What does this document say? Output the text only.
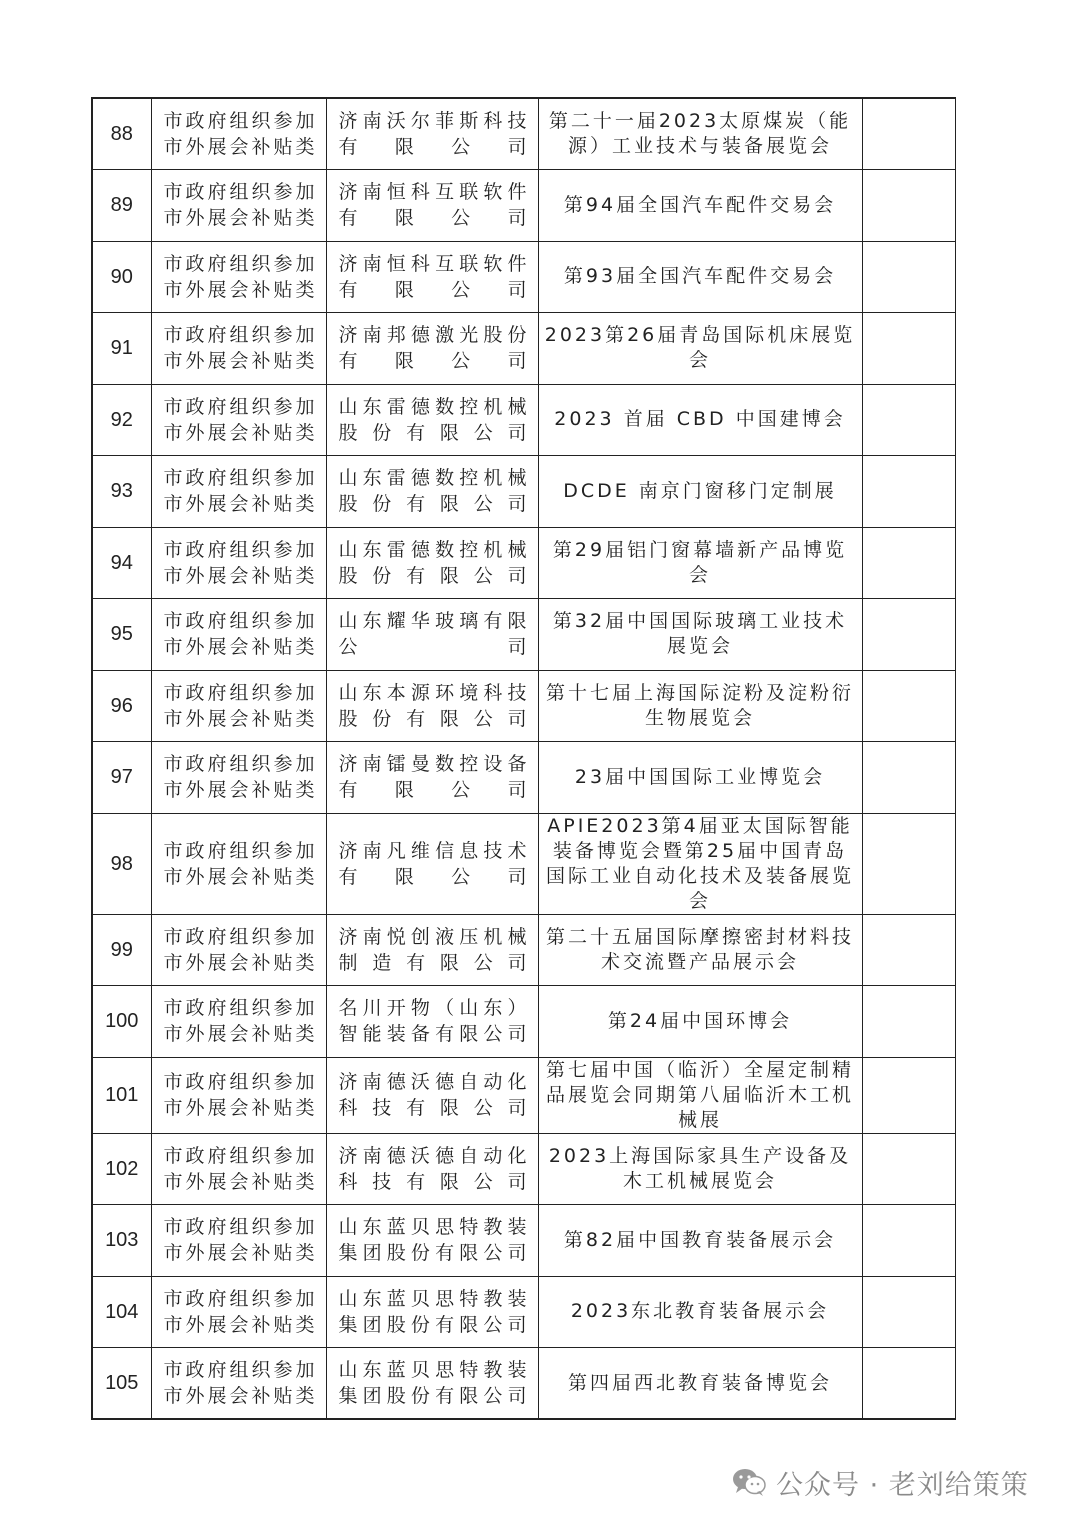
88	市政府组织参加市外展会补贴类	济南沃尔菲斯科技有限公司	第二十一届2023太原煤炭（能源）工业技术与装备展览会	
89	市政府组织参加市外展会补贴类	济南恒科互联软件有限公司	第94届全国汽车配件交易会	
90	市政府组织参加市外展会补贴类	济南恒科互联软件有限公司	第93届全国汽车配件交易会	
91	市政府组织参加市外展会补贴类	济南邦德激光股份有限公司	2023第26届青岛国际机床展览会	
92	市政府组织参加市外展会补贴类	山东雷德数控机械股份有限公司	2023 首届 CBD 中国建博会	
93	市政府组织参加市外展会补贴类	山东雷德数控机械股份有限公司	DCDE 南京门窗移门定制展	
94	市政府组织参加市外展会补贴类	山东雷德数控机械股份有限公司	第29届铝门窗幕墙新产品博览会	
95	市政府组织参加市外展会补贴类	山东耀华玻璃有限公司	第32届中国国际玻璃工业技术展览会	
96	市政府组织参加市外展会补贴类	山东本源环境科技股份有限公司	第十七届上海国际淀粉及淀粉衍生物展览会	
97	市政府组织参加市外展会补贴类	济南镭曼数控设备有限公司	23届中国国际工业博览会	
98	市政府组织参加市外展会补贴类	济南凡维信息技术有限公司	APIE2023第4届亚太国际智能装备博览会暨第25届中国青岛国际工业自动化技术及装备展览会	
99	市政府组织参加市外展会补贴类	济南悦创液压机械制造有限公司	第二十五届国际摩擦密封材料技术交流暨产品展示会	
100	市政府组织参加市外展会补贴类	名川开物（山东）智能装备有限公司	第24届中国环博会	
101	市政府组织参加市外展会补贴类	济南德沃德自动化科技有限公司	第七届中国（临沂）全屋定制精品展览会同期第八届临沂木工机械展	
102	市政府组织参加市外展会补贴类	济南德沃德自动化科技有限公司	2023上海国际家具生产设备及木工机械展览会	
103	市政府组织参加市外展会补贴类	山东蓝贝思特教装集团股份有限公司	第82届中国教育装备展示会	
104	市政府组织参加市外展会补贴类	山东蓝贝思特教装集团股份有限公司	2023东北教育装备展示会	
105	市政府组织参加市外展会补贴类	山东蓝贝思特教装集团股份有限公司	第四届西北教育装备博览会	
公众号 · 老刘给策策
